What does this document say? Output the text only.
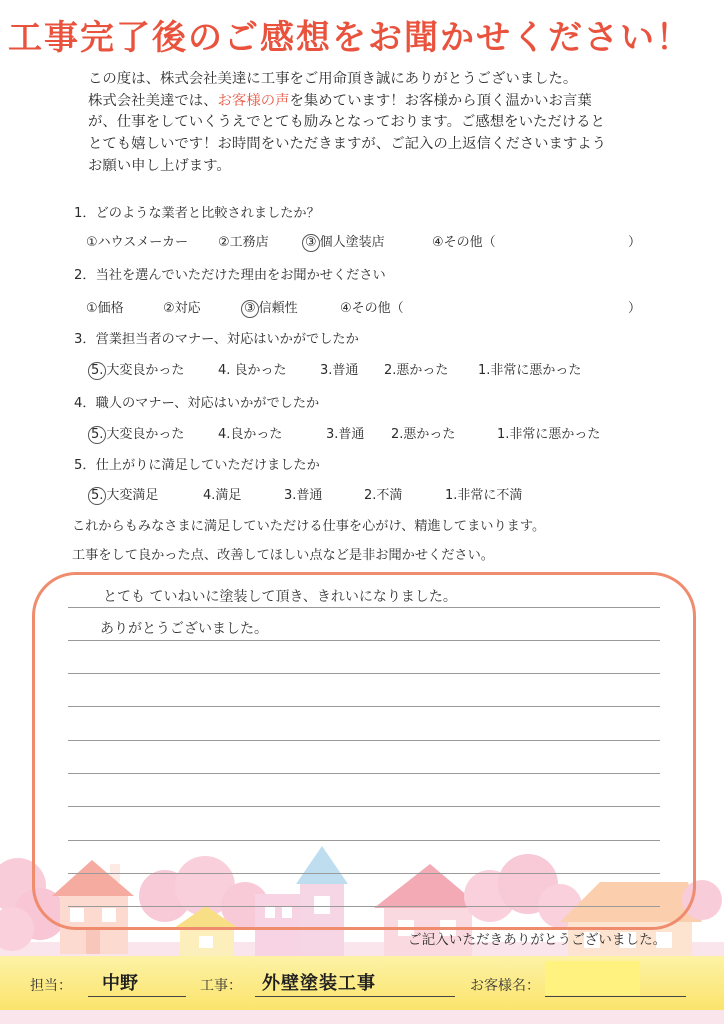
工事完了後のご感想をお聞かせください！

この度は、株式会社美達に工事をご用命頂き誠にありがとうございました。

株式会社美達では、お客様の声を集めています！お客様から頂く温かいお言葉

が、仕事をしていくうえでとても励みとなっております。ご感想をいただけると

とても嬉しいです！お時間をいただきますが、ご記入の上返信くださいますよう

お願い申し上げます。

1．どのような業者と比較されましたか？
①ハウスメーカー ②工務店	③ 個人塗装店	④その他（	）
2．当社を選んでいただけた理由をお聞かせください
①価格	②対応	③ 信頼性	④その他（	）
3．営業担当者のマナー、対応はいかがでしたか
5. 大変良かった	4. 良かった	3.普通 2.悪かった 1.非常に悪かった
4．職人のマナー、対応はいかがでしたか
5. 大変良かった	4.良かった	3.普通 2.悪かった	1.非常に悪かった
5．仕上がりに満足していただけましたか
5. 大変満足	4.満足	3.普通	2.不満	1.非常に不満
これからもみなさまに満足していただける仕事を心がけ、精進してまいります。
工事をして良かった点、改善してほしい点など是非お聞かせください。
とても ていねいに塗装して頂き、きれいになりました。
ありがとうございました。
ご記入いただきありがとうございました。
担当： 中野	工事： 外壁塗装工事	お客様名：
